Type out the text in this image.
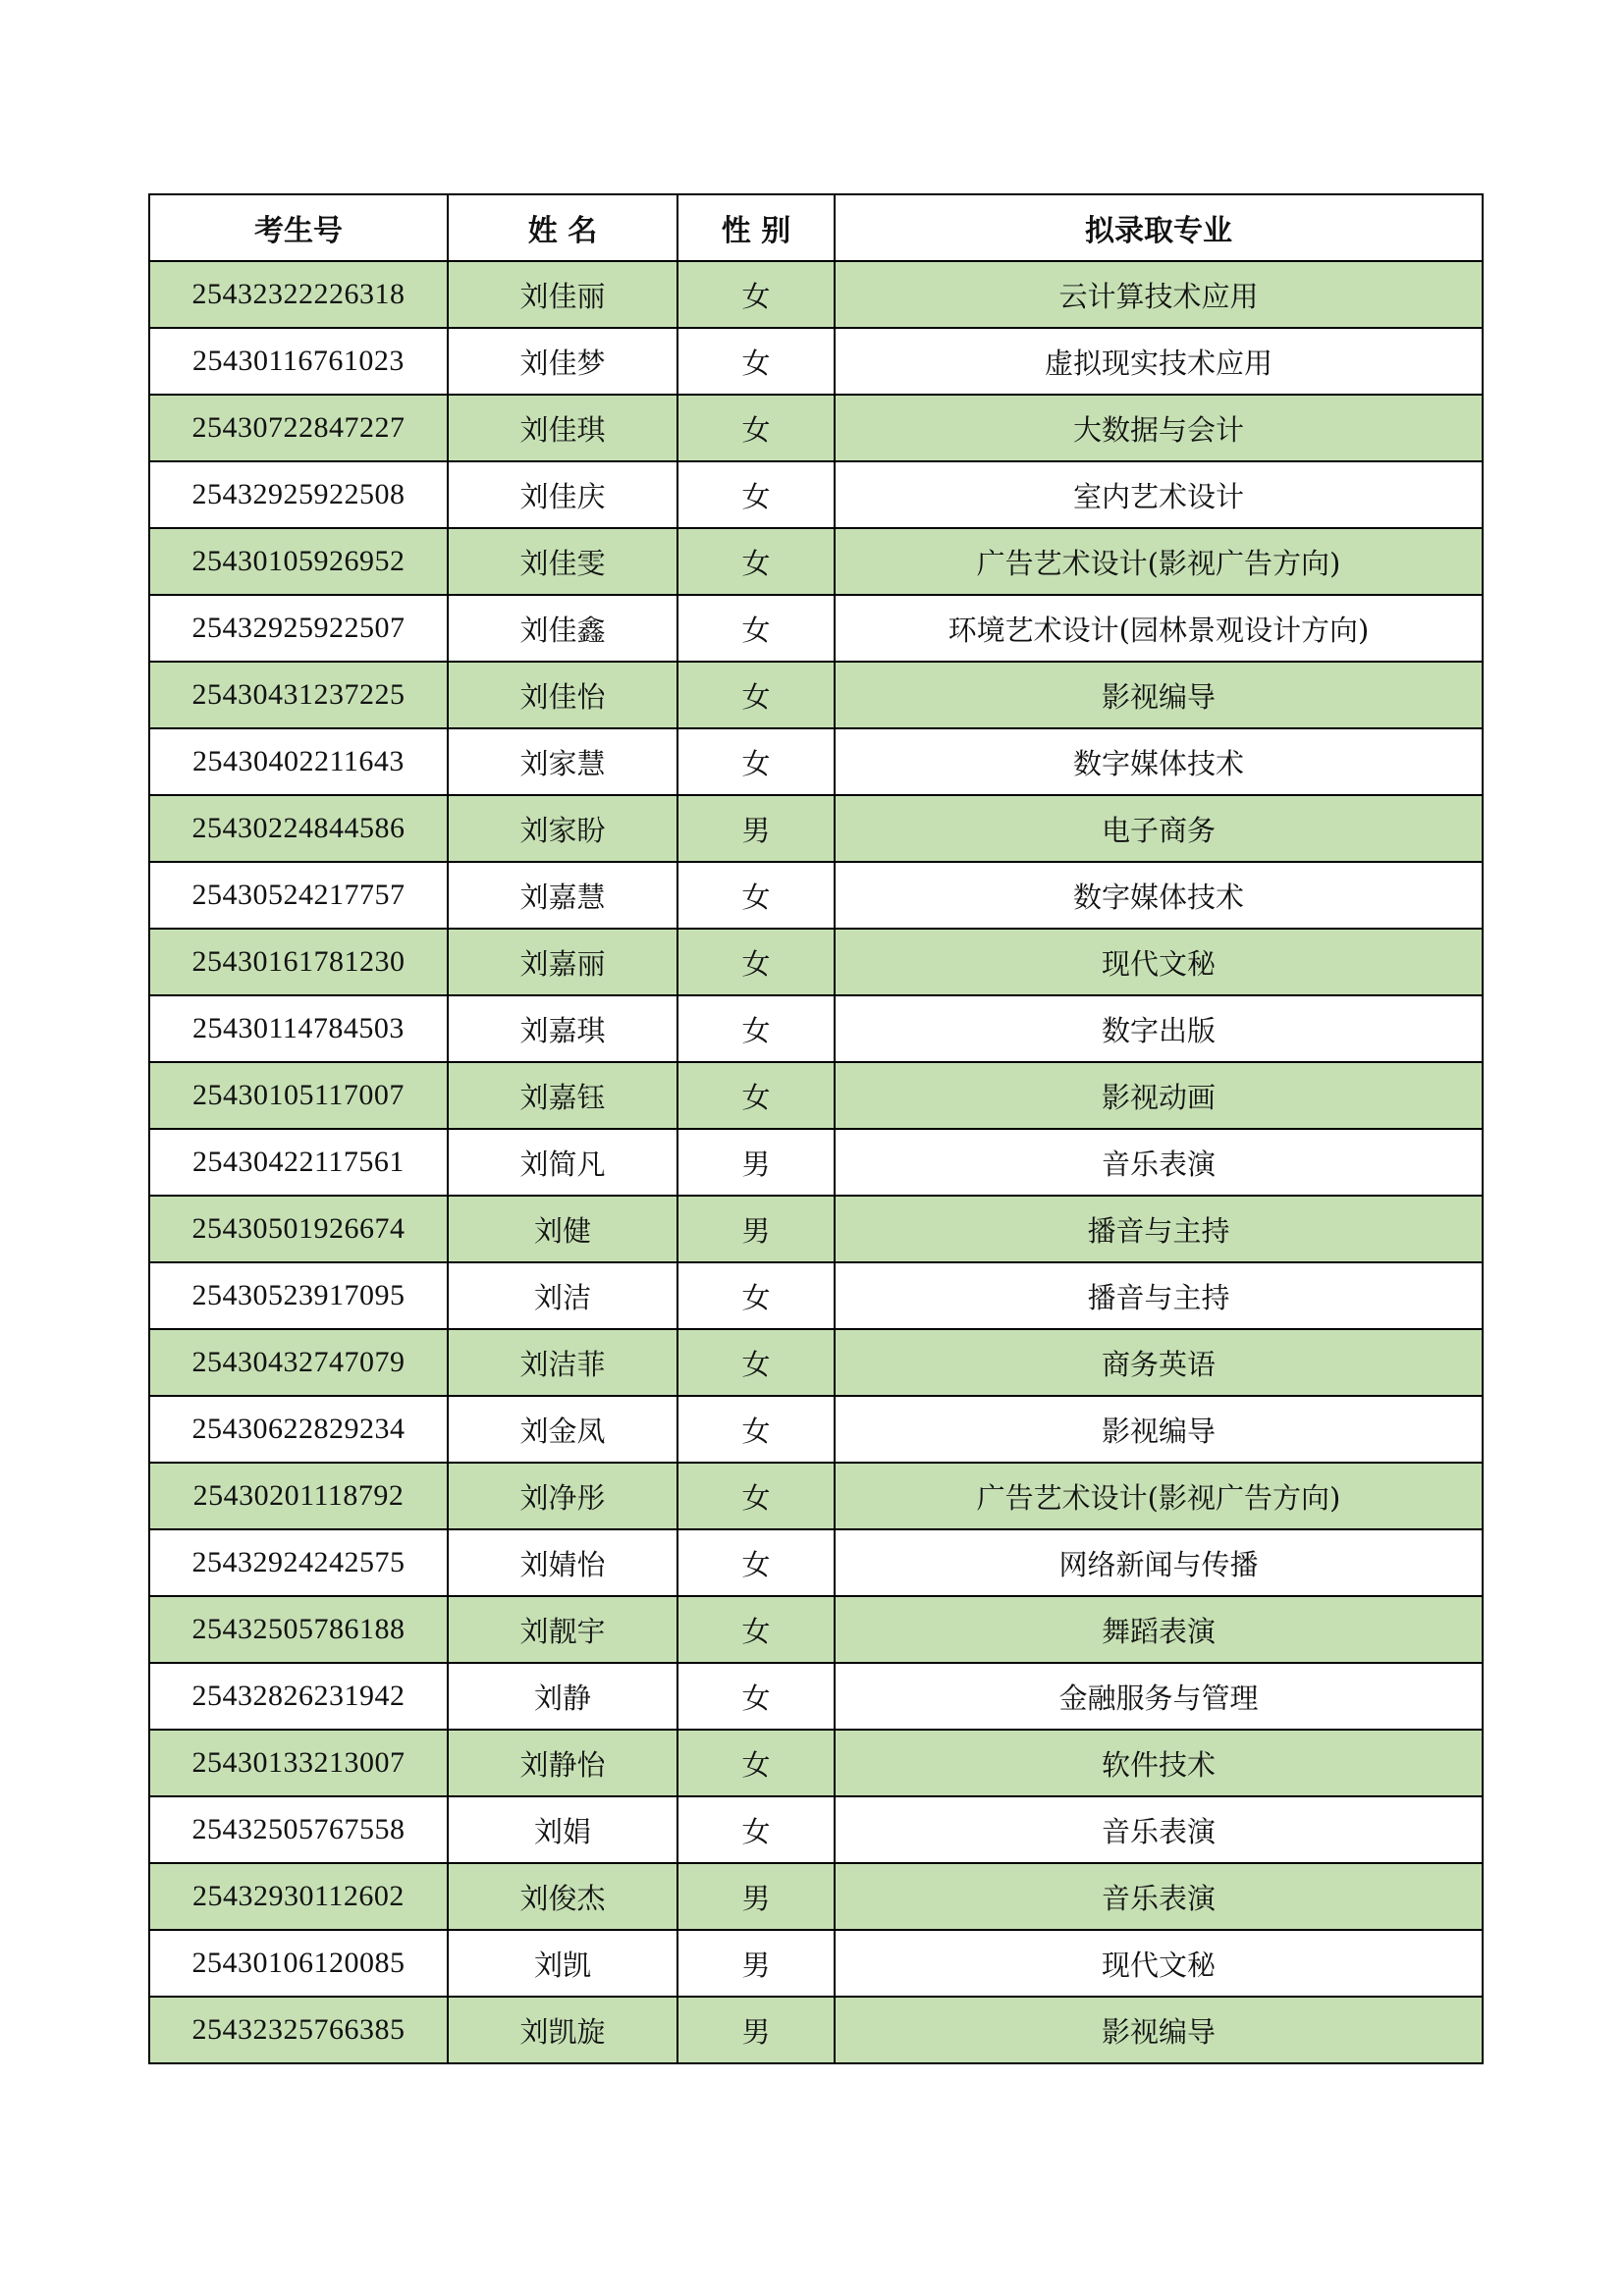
考生号	姓 名	性 别	拟录取专业
25432322226318	刘佳丽	女	云计算技术应用
25430116761023	刘佳梦	女	虚拟现实技术应用
25430722847227	刘佳琪	女	大数据与会计
25432925922508	刘佳庆	女	室内艺术设计
25430105926952	刘佳雯	女	广告艺术设计(影视广告方向)
25432925922507	刘佳鑫	女	环境艺术设计(园林景观设计方向)
25430431237225	刘佳怡	女	影视编导
25430402211643	刘家慧	女	数字媒体技术
25430224844586	刘家盼	男	电子商务
25430524217757	刘嘉慧	女	数字媒体技术
25430161781230	刘嘉丽	女	现代文秘
25430114784503	刘嘉琪	女	数字出版
25430105117007	刘嘉钰	女	影视动画
25430422117561	刘简凡	男	音乐表演
25430501926674	刘健	男	播音与主持
25430523917095	刘洁	女	播音与主持
25430432747079	刘洁菲	女	商务英语
25430622829234	刘金凤	女	影视编导
25430201118792	刘净彤	女	广告艺术设计(影视广告方向)
25432924242575	刘婧怡	女	网络新闻与传播
25432505786188	刘靓宇	女	舞蹈表演
25432826231942	刘静	女	金融服务与管理
25430133213007	刘静怡	女	软件技术
25432505767558	刘娟	女	音乐表演
25432930112602	刘俊杰	男	音乐表演
25430106120085	刘凯	男	现代文秘
25432325766385	刘凯旋	男	影视编导
